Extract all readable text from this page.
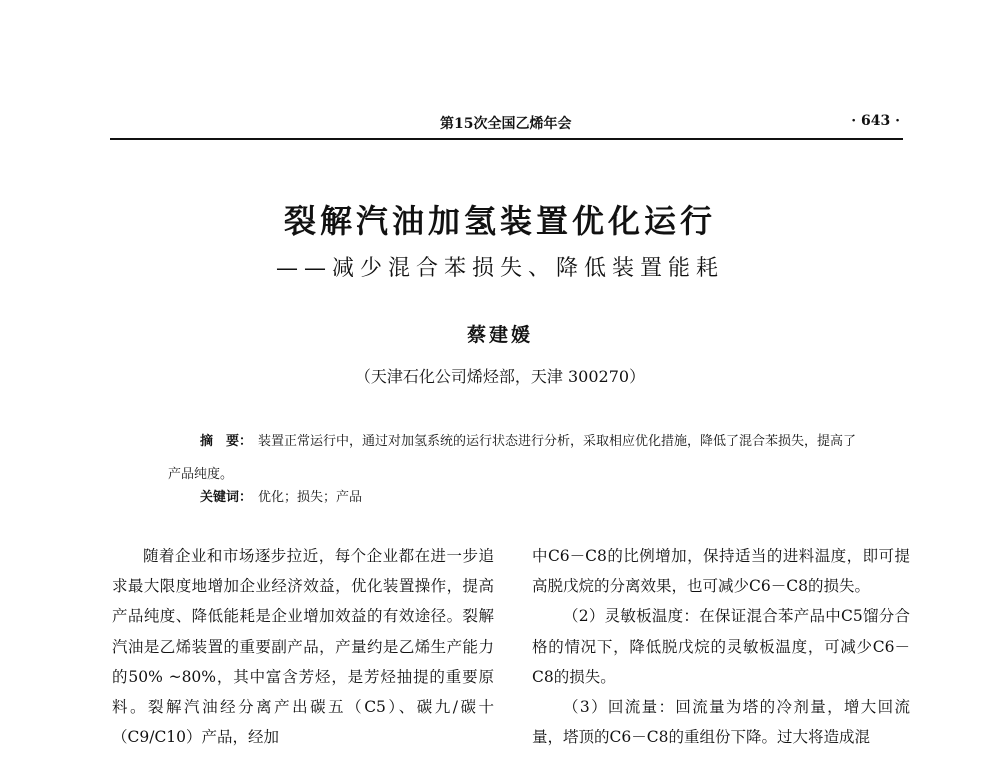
第15次全国乙烯年会	· 643 ·
裂解汽油加氢装置优化运行
——减少混合苯损失、降低装置能耗
蔡建媛
（天津石化公司烯烃部，天津 300270）
摘　要： 装置正常运行中，通过对加氢系统的运行状态进行分析，采取相应优化措施，降低了混合苯损失，提高了产品纯度。
关键词： 优化；损失；产品

随着企业和市场逐步拉近，每个企业都在进一步追求最大限度地增加企业经济效益，优化装置操作，提高产品纯度、降低能耗是企业增加效益的有效途径。裂解汽油是乙烯装置的重要副产品，产量约是乙烯生产能力的50% ~80%，其中富含芳烃，是芳烃抽提的重要原料。裂解汽油经分离产出碳五（C5）、碳九/碳十（C9/C10）产品，经加

中C6－C8的比例增加，保持适当的进料温度，即可提高脱戊烷的分离效果，也可减少C6－C8的损失。

（2）灵敏板温度：在保证混合苯产品中C5馏分合格的情况下，降低脱戊烷的灵敏板温度，可减少C6－C8的损失。

（3）回流量：回流量为塔的冷剂量，增大回流量，塔顶的C6－C8的重组份下降。过大将造成混
